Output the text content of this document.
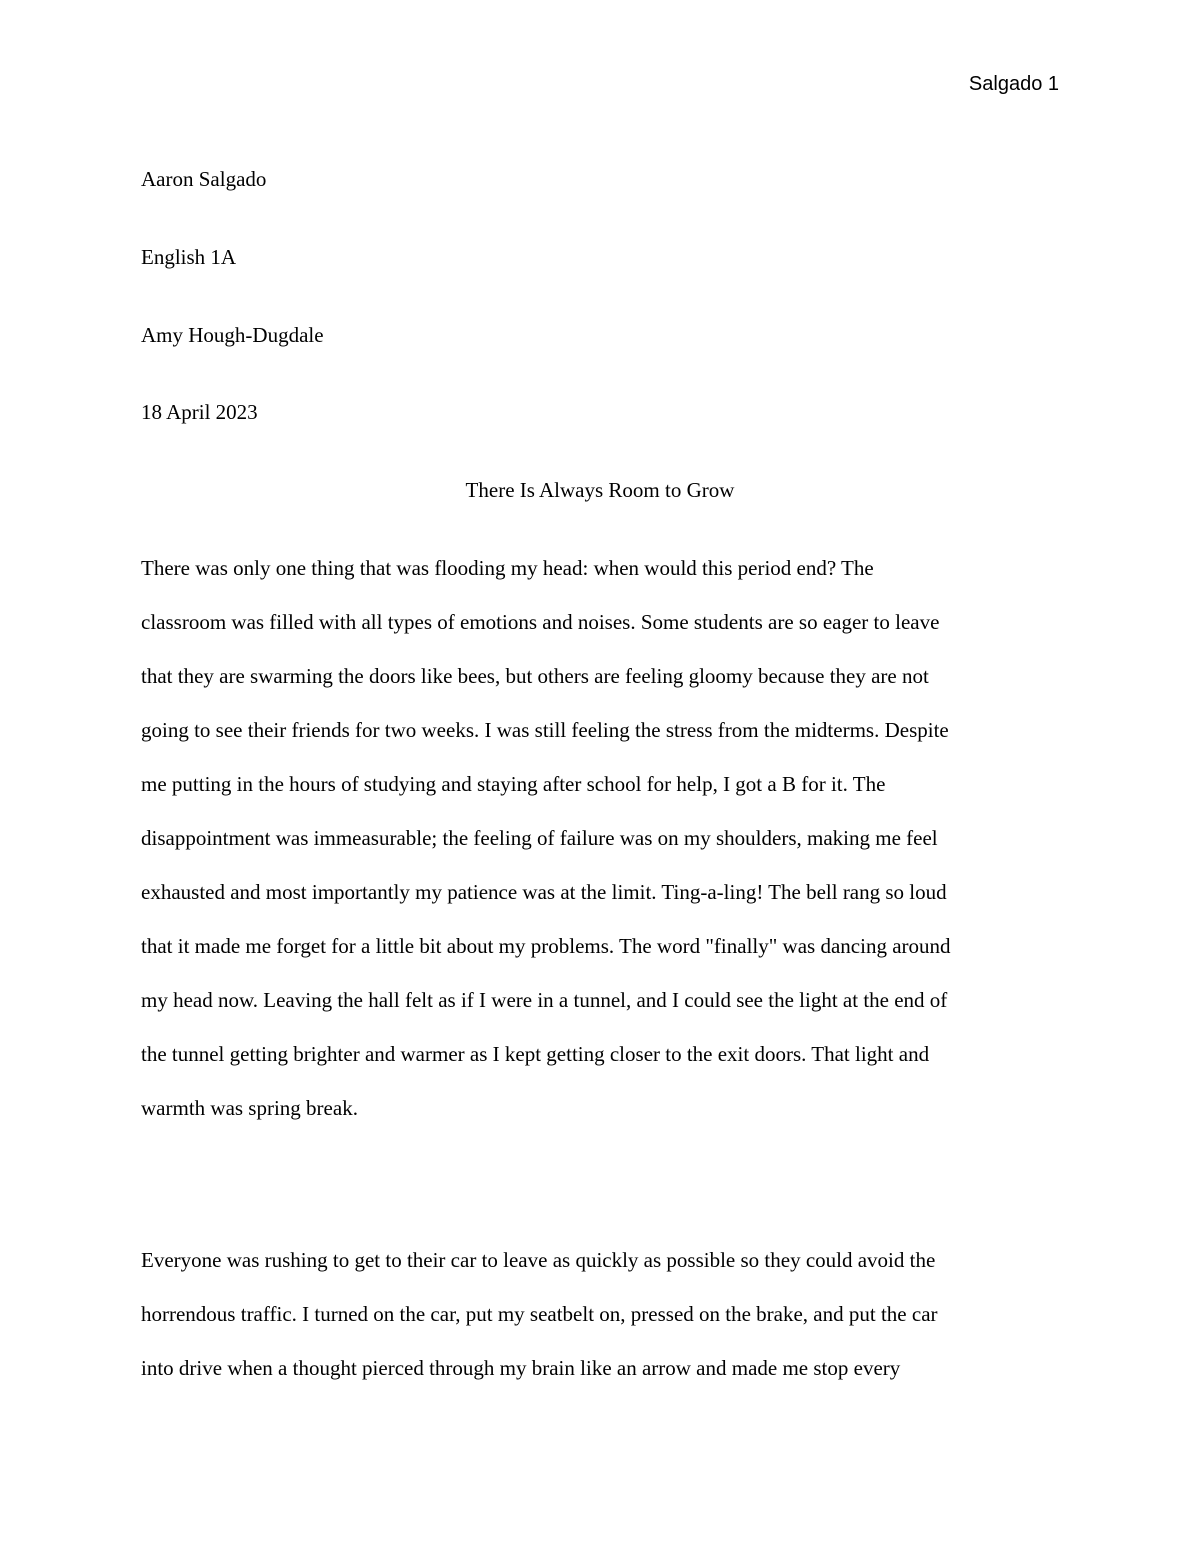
Salgado 1
Aaron Salgado
English 1A
Amy Hough-Dugdale
18 April 2023
There Is Always Room to Grow
There was only one thing that was flooding my head: when would this period end? The
classroom was filled with all types of emotions and noises. Some students are so eager to leave
that they are swarming the doors like bees, but others are feeling gloomy because they are not
going to see their friends for two weeks. I was still feeling the stress from the midterms. Despite
me putting in the hours of studying and staying after school for help, I got a B for it. The
disappointment was immeasurable; the feeling of failure was on my shoulders, making me feel
exhausted and most importantly my patience was at the limit. Ting-a-ling! The bell rang so loud
that it made me forget for a little bit about my problems. The word "finally" was dancing around
my head now. Leaving the hall felt as if I were in a tunnel, and I could see the light at the end of
the tunnel getting brighter and warmer as I kept getting closer to the exit doors. That light and
warmth was spring break.
Everyone was rushing to get to their car to leave as quickly as possible so they could avoid the
horrendous traffic. I turned on the car, put my seatbelt on, pressed on the brake, and put the car
into drive when a thought pierced through my brain like an arrow and made me stop every
